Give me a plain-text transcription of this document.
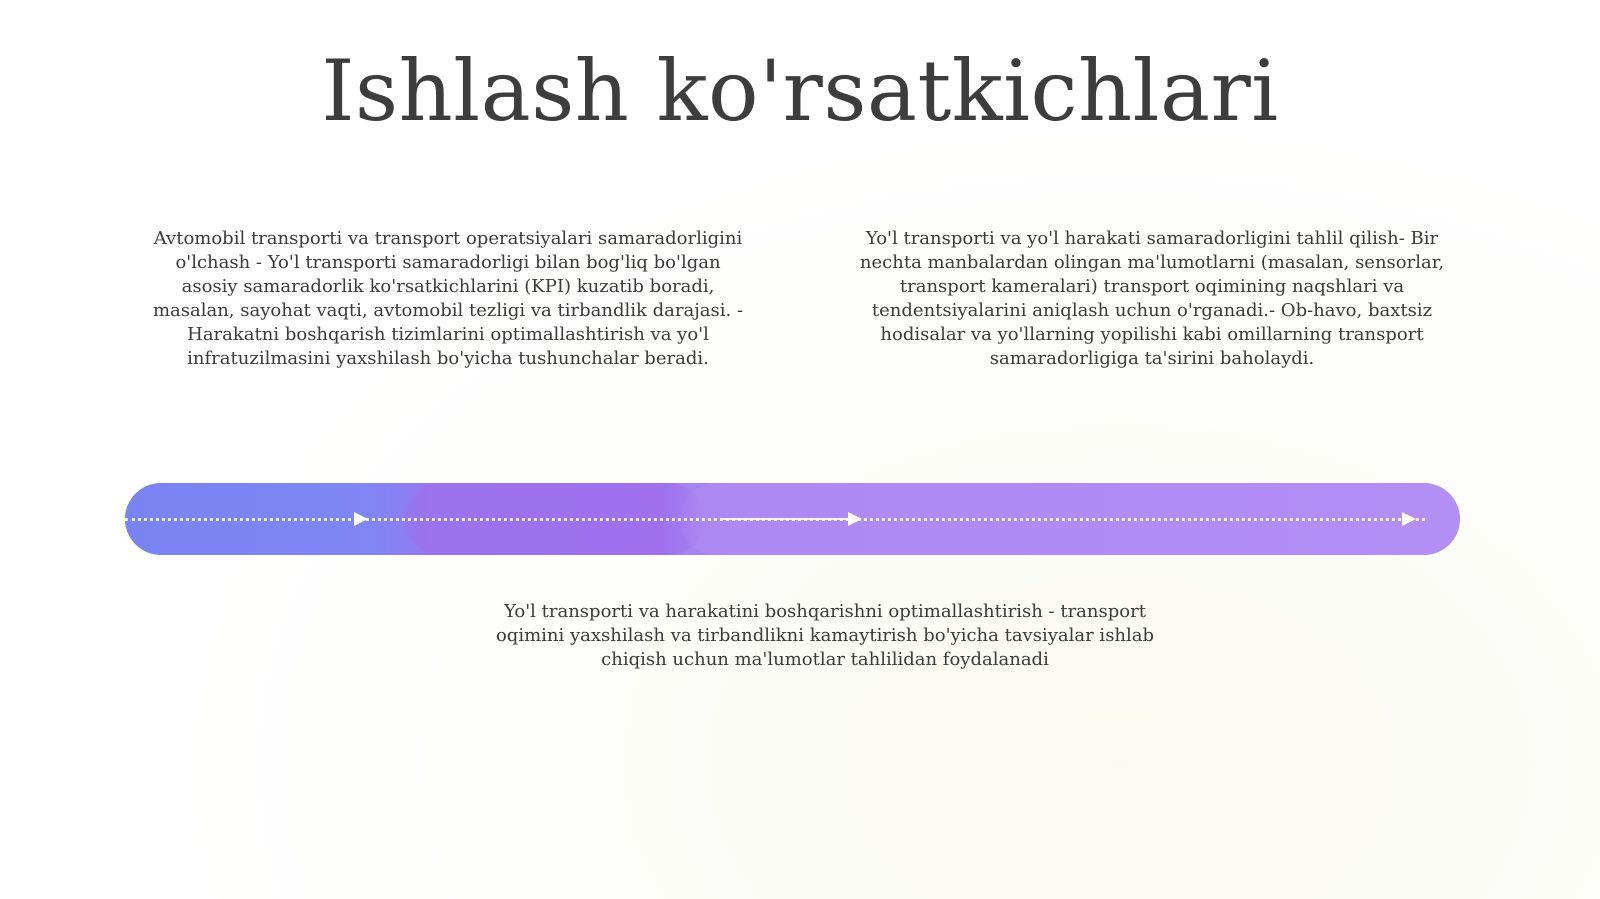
Ishlash ko'rsatkichlari

Avtomobil transporti va transport operatsiyalari samaradorligini o'lchash - Yo'l transporti samaradorligi bilan bog'liq bo'lgan asosiy samaradorlik ko'rsatkichlarini (KPI) kuzatib boradi, masalan, sayohat vaqti, avtomobil tezligi va tirbandlik darajasi. - Harakatni boshqarish tizimlarini optimallashtirish va yo'l infratuzilmasini yaxshilash bo'yicha tushunchalar beradi.

Yo'l transporti va yo'l harakati samaradorligini tahlil qilish- Bir nechta manbalardan olingan ma'lumotlarni (masalan, sensorlar, transport kameralari) transport oqimining naqshlari va tendentsiyalarini aniqlash uchun o'rganadi.- Ob-havo, baxtsiz hodisalar va yo'llarning yopilishi kabi omillarning transport samaradorligiga ta'sirini baholaydi.

Yo'l transporti va harakatini boshqarishni optimallashtirish - transport oqimini yaxshilash va tirbandlikni kamaytirish bo'yicha tavsiyalar ishlab chiqish uchun ma'lumotlar tahlilidan foydalanadi
